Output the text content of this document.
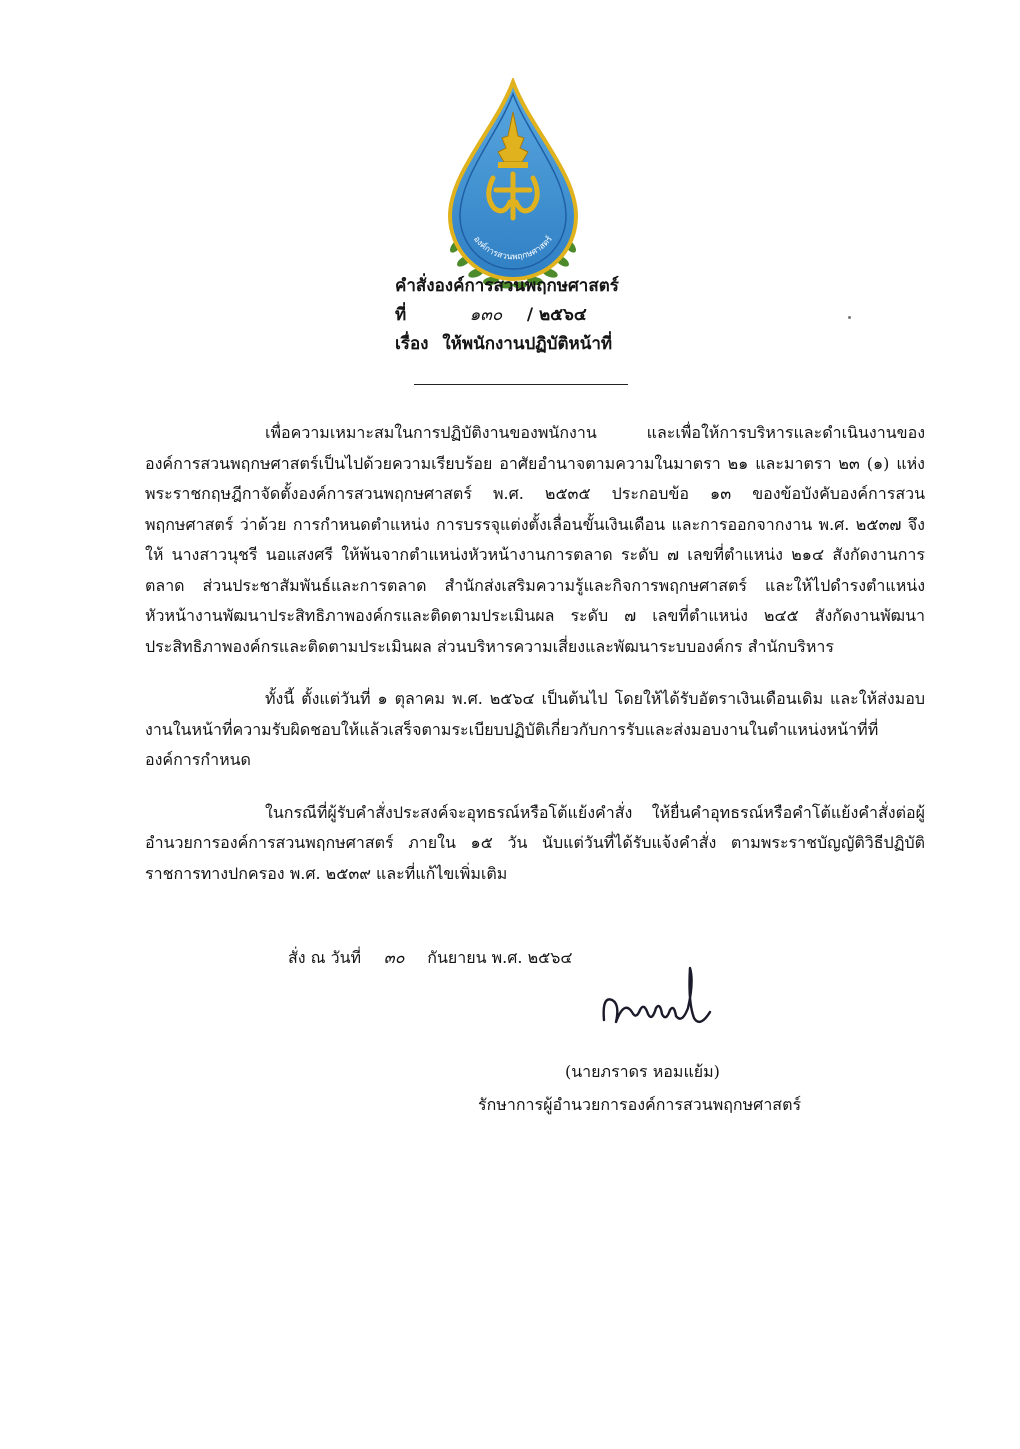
องค์การสวนพฤกษศาสตร์
คำสั่งองค์การสวนพฤกษศาสตร์
ที่	๑๓๐ / ๒๕๖๔
เรื่อง ให้พนักงานปฏิบัติหน้าที่

เพื่อความเหมาะสมในการปฏิบัติงานของพนักงาน และเพื่อให้การบริหารและดำเนินงานขององค์การสวนพฤกษศาสตร์เป็นไปด้วยความเรียบร้อย อาศัยอำนาจตามความในมาตรา ๒๑ และมาตรา ๒๓ (๑) แห่งพระราชกฤษฎีกาจัดตั้งองค์การสวนพฤกษศาสตร์ พ.ศ. ๒๕๓๕ ประกอบข้อ ๑๓ ของข้อบังคับองค์การสวนพฤกษศาสตร์ ว่าด้วย การกำหนดตำแหน่ง การบรรจุแต่งตั้งเลื่อนขั้นเงินเดือน และการออกจากงาน พ.ศ. ๒๕๓๗ จึงให้ นางสาวนุชรี นอแสงศรี ให้พ้นจากตำแหน่งหัวหน้างานการตลาด ระดับ ๗ เลขที่ตำแหน่ง ๒๑๔ สังกัดงานการตลาด ส่วนประชาสัมพันธ์และการตลาด สำนักส่งเสริมความรู้และกิจการพฤกษศาสตร์ และให้ไปดำรงตำแหน่งหัวหน้างานพัฒนาประสิทธิภาพองค์กรและติดตามประเมินผล ระดับ ๗ เลขที่ตำแหน่ง ๒๔๕ สังกัดงานพัฒนาประสิทธิภาพองค์กรและติดตามประเมินผล ส่วนบริหารความเสี่ยงและพัฒนาระบบองค์กร สำนักบริหาร

ทั้งนี้ ตั้งแต่วันที่ ๑ ตุลาคม พ.ศ. ๒๕๖๔ เป็นต้นไป โดยให้ได้รับอัตราเงินเดือนเดิม และให้ส่งมอบงานในหน้าที่ความรับผิดชอบให้แล้วเสร็จตามระเบียบปฏิบัติเกี่ยวกับการรับและส่งมอบงานในตำแหน่งหน้าที่ที่องค์การกำหนด

ในกรณีที่ผู้รับคำสั่งประสงค์จะอุทธรณ์หรือโต้แย้งคำสั่ง ให้ยื่นคำอุทธรณ์หรือคำโต้แย้งคำสั่งต่อผู้อำนวยการองค์การสวนพฤกษศาสตร์ ภายใน ๑๕ วัน นับแต่วันที่ได้รับแจ้งคำสั่ง ตามพระราชบัญญัติวิธีปฏิบัติราชการทางปกครอง พ.ศ. ๒๕๓๙ และที่แก้ไขเพิ่มเติม

สั่ง ณ วันที่ ๓๐ กันยายน พ.ศ. ๒๕๖๔
(นายภราดร หอมแย้ม)
รักษาการผู้อำนวยการองค์การสวนพฤกษศาสตร์
